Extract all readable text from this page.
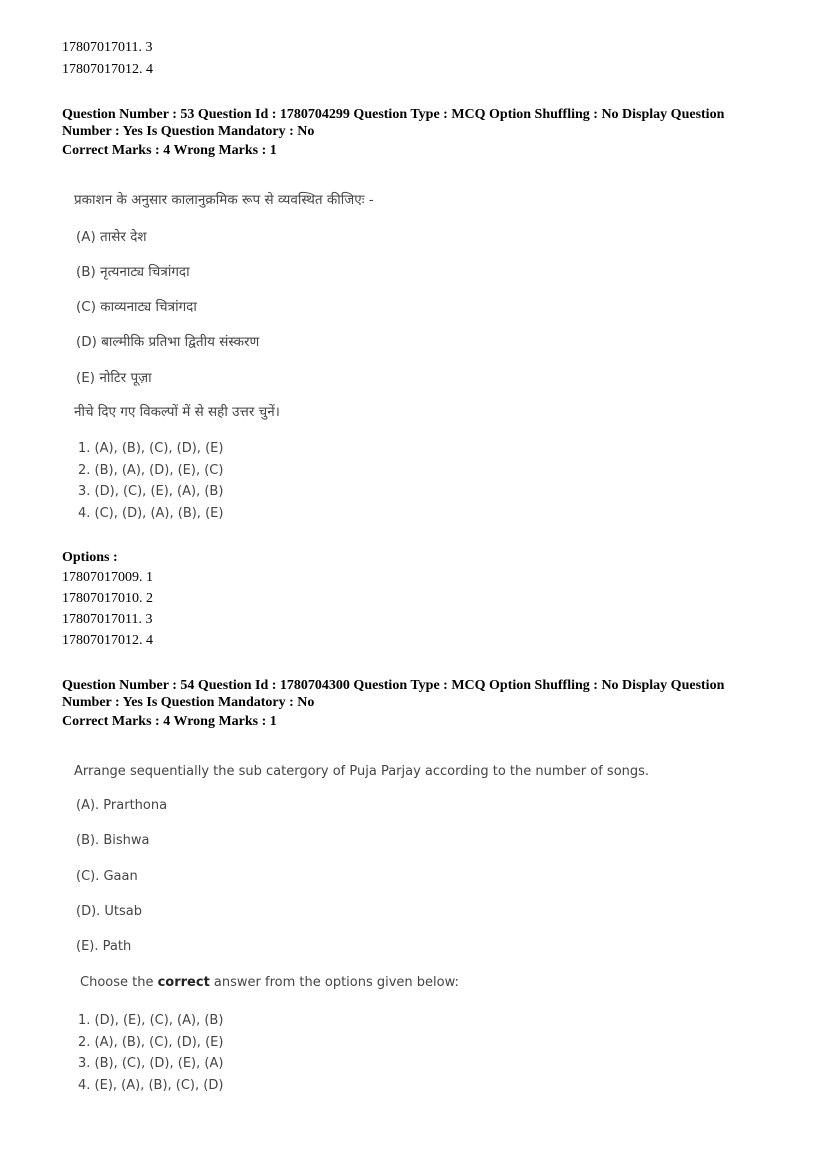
17807017011. 3
17807017012. 4
Question Number : 53 Question Id : 1780704299 Question Type : MCQ Option Shuffling : No Display Question
Number : Yes Is Question Mandatory : No
Correct Marks : 4 Wrong Marks : 1
प्रकाशन के अनुसार कालानुक्रमिक रूप से व्यवस्थित कीजिएः -
(A) तासेर देश
(B) नृत्यनाट्य चित्रांगदा
(C) काव्यनाट्य चित्रांगदा
(D) बाल्मीकि प्रतिभा द्वितीय संस्करण
(E) नोटिर पूज़ा
नीचे दिए गए विकल्पों में से सही उत्तर चुनें।
1. (A), (B), (C), (D), (E)
2. (B), (A), (D), (E), (C)
3. (D), (C), (E), (A), (B)
4. (C), (D), (A), (B), (E)
Options :
17807017009. 1
17807017010. 2
17807017011. 3
17807017012. 4
Question Number : 54 Question Id : 1780704300 Question Type : MCQ Option Shuffling : No Display Question
Number : Yes Is Question Mandatory : No
Correct Marks : 4 Wrong Marks : 1
Arrange sequentially the sub catergory of Puja Parjay according to the number of songs.
(A). Prarthona
(B). Bishwa
(C). Gaan
(D). Utsab
(E). Path
Choose the correct answer from the options given below:
1. (D), (E), (C), (A), (B)
2. (A), (B), (C), (D), (E)
3. (B), (C), (D), (E), (A)
4. (E), (A), (B), (C), (D)
